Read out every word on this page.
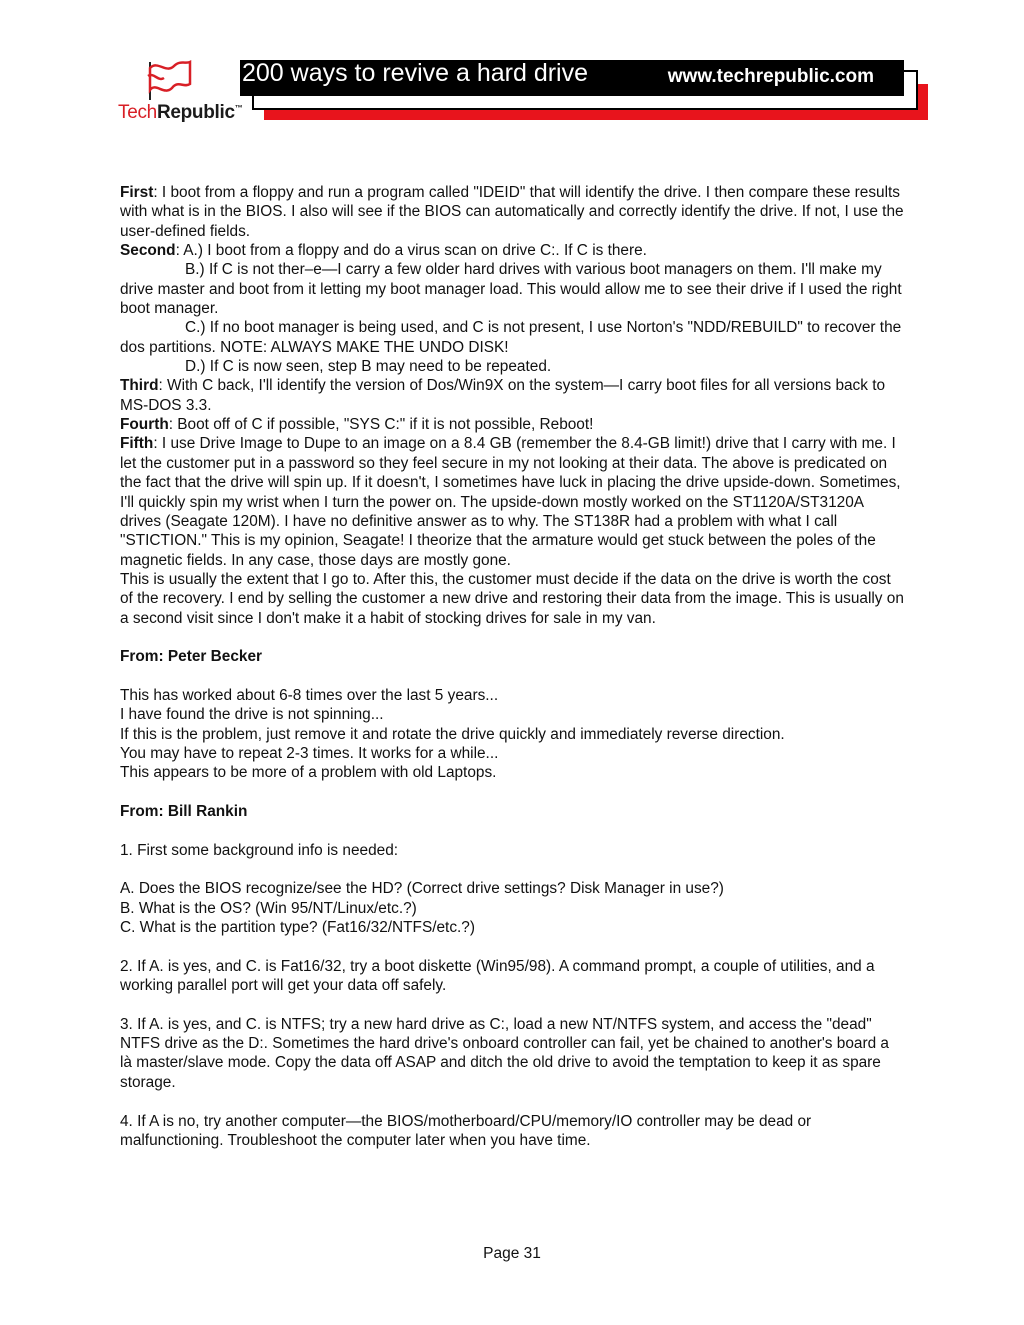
TechRepublic™
200 ways to revive a hard drive	www.techrepublic.com

First: I boot from a floppy and run a program called "IDEID" that will identify the drive. I then compare these results with what is in the BIOS. I also will see if the BIOS can automatically and correctly identify the drive. If not, I use the user-defined fields.

Second: A.) I boot from a floppy and do a virus scan on drive C:. If C is there.

B.) If C is not ther–e—I carry a few older hard drives with various boot managers on them. I'll make my drive master and boot from it letting my boot manager load. This would allow me to see their drive if I used the right boot manager.

C.) If no boot manager is being used, and C is not present, I use Norton's "NDD/REBUILD" to recover the dos partitions. NOTE: ALWAYS MAKE THE UNDO DISK!

D.) If C is now seen, step B may need to be repeated.

Third: With C back, I'll identify the version of Dos/Win9X on the system—I carry boot files for all versions back to MS-DOS 3.3.

Fourth: Boot off of C if possible, "SYS C:" if it is not possible, Reboot!

Fifth: I use Drive Image to Dupe to an image on a 8.4 GB (remember the 8.4-GB limit!) drive that I carry with me. I let the customer put in a password so they feel secure in my not looking at their data. The above is predicated on the fact that the drive will spin up. If it doesn't, I sometimes have luck in placing the drive upside-down. Sometimes, I'll quickly spin my wrist when I turn the power on. The upside-down mostly worked on the ST1120A/ST3120A drives (Seagate 120M). I have no definitive answer as to why. The ST138R had a problem with what I call "STICTION." This is my opinion, Seagate! I theorize that the armature would get stuck between the poles of the magnetic fields. In any case, those days are mostly gone.

This is usually the extent that I go to. After this, the customer must decide if the data on the drive is worth the cost of the recovery. I end by selling the customer a new drive and restoring their data from the image. This is usually on a second visit since I don't make it a habit of stocking drives for sale in my van.

From: Peter Becker

This has worked about 6-8 times over the last 5 years...

I have found the drive is not spinning...

If this is the problem, just remove it and rotate the drive quickly and immediately reverse direction.

You may have to repeat 2-3 times. It works for a while...

This appears to be more of a problem with old Laptops.

From: Bill Rankin

1. First some background info is needed:

A. Does the BIOS recognize/see the HD? (Correct drive settings? Disk Manager in use?)

B. What is the OS? (Win 95/NT/Linux/etc.?)

C. What is the partition type? (Fat16/32/NTFS/etc.?)

2. If A. is yes, and C. is Fat16/32, try a boot diskette (Win95/98). A command prompt, a couple of utilities, and a working parallel port will get your data off safely.

3. If A. is yes, and C. is NTFS; try a new hard drive as C:, load a new NT/NTFS system, and access the "dead" NTFS drive as the D:. Sometimes the hard drive's onboard controller can fail, yet be chained to another's board a là master/slave mode. Copy the data off ASAP and ditch the old drive to avoid the temptation to keep it as spare storage.

4. If A is no, try another computer—the BIOS/motherboard/CPU/memory/IO controller may be dead or malfunctioning. Troubleshoot the computer later when you have time.

Page 31
